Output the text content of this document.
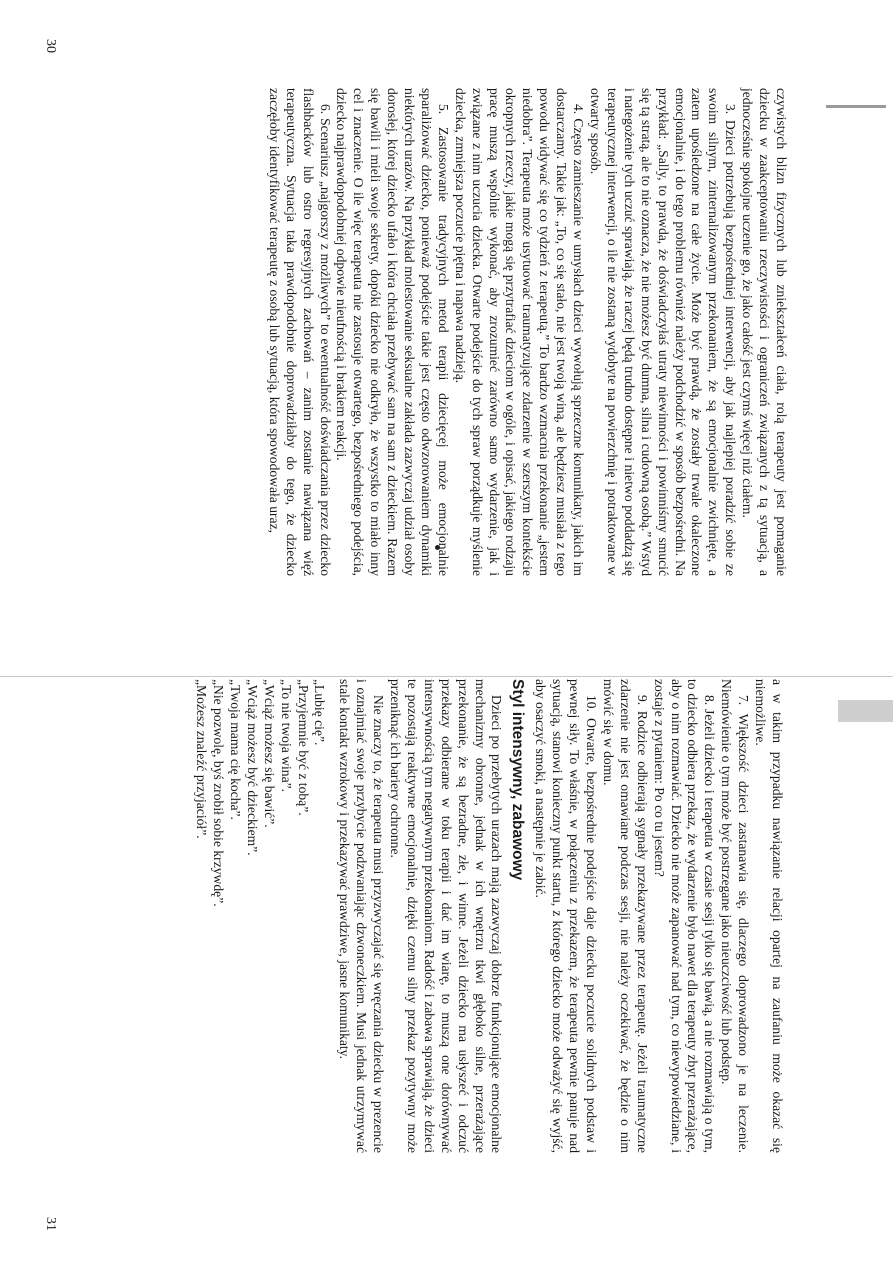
czywistych blizn fizycznych lub zniekształceń ciała, rolą terapeuty jest pomaganie dziecku w zaakceptowaniu rzeczywistości i ograniczeń związanych z tą sytuacją, a jednocześnie spokojne uczenie go, że jako całość jest czymś więcej niż ciałem.

3. Dzieci potrzebują bezpośredniej interwencji, aby jak najlepiej poradzić sobie ze swoim silnym, zinternalizowanym przekonaniem, że są emocjonalnie zwichnięte, a zatem upośledzone na całe życie. Może być prawdą, że zostały trwale okaleczone emocjonalnie, i do tego problemu również należy podchodzić w sposób bezpośredni. Na przykład: „Sally, to prawda, że doświadczyłaś utraty niewinności i powinniśmy smucić się tą stratą, ale to nie oznacza, że nie możesz być dumna, silna i cudowną osobą.” Wstyd i nategożenie tych uczuć sprawiają, że raczej będą trudno dostępne i nietwo poddadzą się terapeutycznej interwencji, o ile nie zostaną wydobyte na powierzchnię i potraktowane w otwarty sposób.

4. Często zamieszanie w umysłach dzieci wywołują sprzeczne komunikaty, jakich im dostarczamy. Takie jak: „To, co się stało, nie jest twoją winą, ale będziesz musiała z tego powodu widywać się co tydzień z terapeutą.” To bardzo wzmacnia przekonanie „jestem niedobra”. Terapeuta może usytuować traumatyzujące zdarzenie w szerszym kontekście okropnych rzeczy, jakie mogą się przytrafiać dzieciom w ogóle, i opisać, jakiego rodzaju pracę muszą wspólnie wykonać, aby zrozumieć zarówno samo wydarzenie, jak i związane z nim uczucia dziecka. Otwarte podejście do tych spraw porządkuje myślenie dziecka, zmniejsza poczucie piętna i napawa nadzieją.

5. Zastosowanie tradycyjnych metod terapii dziecięcej może emocjonalnie sparaliżować dziecko, ponieważ podejście takie jest często odwzorowaniem dynamiki niektórych urazów. Na przykład molestowanie seksualne zakłada zazwyczaj udział osoby dorosłej, której dziecko ufało i która chciała przebywać sam na sam z dzieckiem. Razem się bawili i mieli swoje sekrety, dopóki dziecko nie odkryło, że wszystko to miało inny cel i znaczenie. O ile więc terapeuta nie zastosuje otwartego, bezpośredniego podejścia, dziecko najprawdopodobniej odpowie nieufnością i brakiem reakcji.

6. Scenariusz „najgorszy z możliwych” to ewentualność doświadczania przez dziecko flashbacków lub ostro regresyjnych zachowań – zanim zostanie nawiązana więź terapeutyczna. Sytuacja taka prawdopodobnie doprowadziłaby do tego, że dziecko zaczęłoby identyfikować terapeutę z osobą lub sytuacją, która spowodowała uraz,

30

a w takim przypadku nawiązanie relacji opartej na zaufaniu może okazać się niemożliwe.

7. Większość dzieci zastanawia się, dlaczego doprowadzono je na leczenie. Niemówienie o tym może być postrzegane jako nieuczciwość lub podstęp.

8. Jeżeli dziecko i terapeuta w czasie sesji tylko się bawią, a nie rozmawiają o tym, to dziecko odbiera przekaz, że wydarzenie było nawet dla terapeuty zbyt przerażające, aby o nim rozmawiać. Dziecko nie może zapanować nad tym, co niewypowiedziane, i zostaje z pytaniem: Po co tu jestem?

9. Rodzice odbierają sygnały przekazywane przez terapeutę. Jeżeli traumatyczne zdarzenie nie jest omawiane podczas sesji, nie należy oczekiwać, że będzie o nim mówić się w domu.

10. Otwarte, bezpośrednie podejście daje dziecku poczucie solidnych podstaw i pewnej siły. To właśnie, w połączeniu z przekazem, że terapeuta pewnie panuje nad sytuacją, stanowi konieczny punkt startu, z którego dziecko może odważyć się wyjść, aby osaczyć smoki, a następnie je zabić.

Styl intensywny, zabawowy

Dzieci po przebytych urazach mają zazwyczaj dobrze funkcjonujące emocjonalne mechanizmy obronne, jednak w ich wnętrzu tkwi głęboko silne, przerażające przekonanie, że są bezradne, złe, i winne. Jeżeli dziecko ma usłyszeć i odczuć przekazy odbierane w toku terapii i dać im wiarę, to muszą one dorównywać intensywnością tym negatywnym przekonaniom. Radość i zabawa sprawiają, że dzieci te pozostają reaktywne emocjonalnie, dzięki czemu silny przekaz pozytywny może przeniknąć ich bariery ochronne.

Nie znaczy to, że terapeuta musi przyzwyczajać się wręczania dziecku w prezencie i oznajmiać swoje przybycie podzwaniając dzwoneczkiem. Musi jednak utrzymywać stale kontakt wzrokowy i przekazywać prawdziwe, jasne komunikaty.

„Lubię cię”.

„Przyjemnie być z tobą”.

„To nie twoja wina”.

„Wciąż możesz się bawić”.

„Wciąż możesz być dzieckiem”.

„Twoja mama cię kocha”.

„Nie pozwolę, byś zrobił sobie krzywdę”.

„Możesz znaleźć przyjaciół”.

31
